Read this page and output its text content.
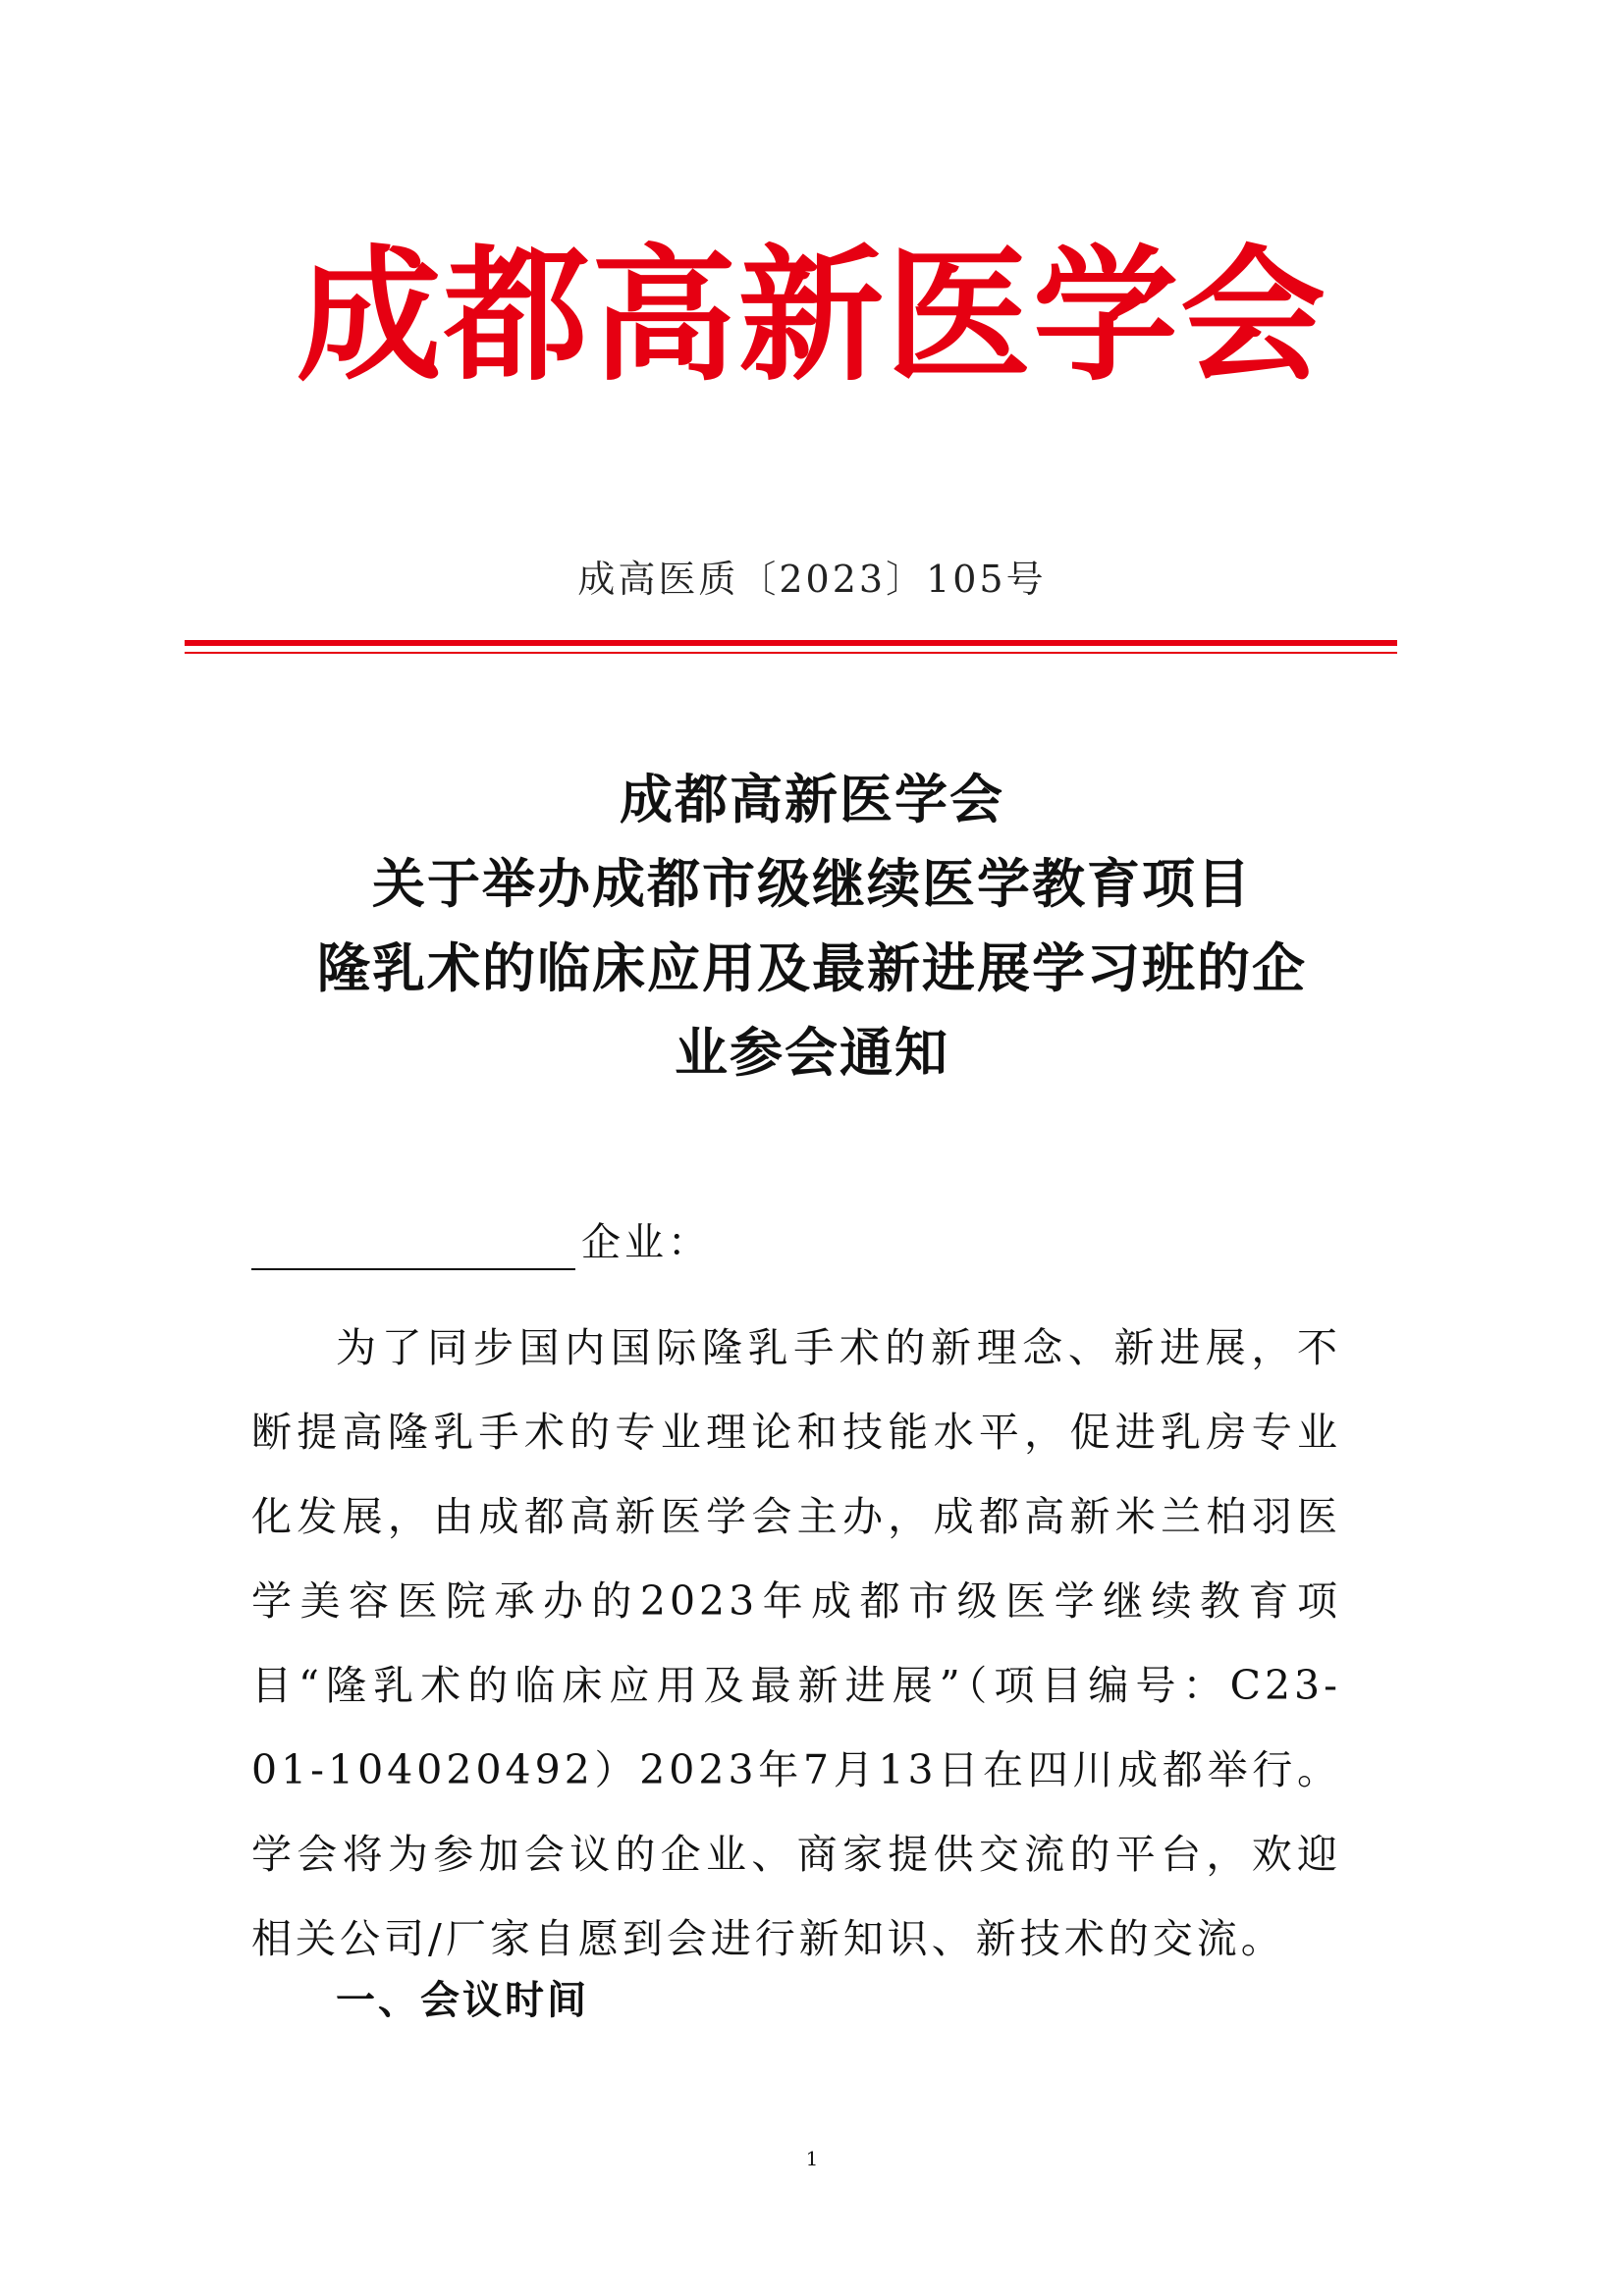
成都高新医学会
成高医质〔2023〕105号
成都高新医学会
关于举办成都市级继续医学教育项目
隆乳术的临床应用及最新进展学习班的企
业参会通知
企业：
为了同步国内国际隆乳手术的新理念、新进展，不断提高隆乳手术的专业理论和技能水平，促进乳房专业化发展，由成都高新医学会主办，成都高新米兰柏羽医学美容医院承办的2023年成都市级医学继续教育项目“隆乳术的临床应用及最新进展”（项目编号：C23-01-104020492）2023年7月13日在四川成都举行。学会将为参加会议的企业、商家提供交流的平台，欢迎相关公司/厂家自愿到会进行新知识、新技术的交流。
一、会议时间
1
